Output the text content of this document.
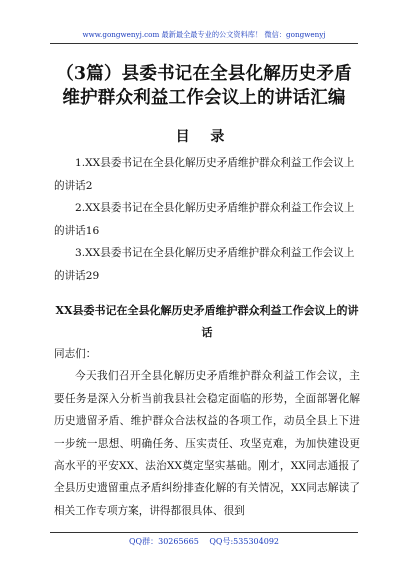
www.gongwenyj.com 最新最全最专业的公文资料库！ 微信：gongwenyj
（3篇）县委书记在全县化解历史矛盾维护群众利益工作会议上的讲话汇编
目 录
1.XX县委书记在全县化解历史矛盾维护群众利益工作会议上的讲话2
2.XX县委书记在全县化解历史矛盾维护群众利益工作会议上的讲话16
3.XX县委书记在全县化解历史矛盾维护群众利益工作会议上的讲话29
XX县委书记在全县化解历史矛盾维护群众利益工作会议上的讲话

同志们：

今天我们召开全县化解历史矛盾维护群众利益工作会议，主要任务是深入分析当前我县社会稳定面临的形势，全面部署化解历史遗留矛盾、维护群众合法权益的各项工作，动员全县上下进一步统一思想、明确任务、压实责任、攻坚克难，为加快建设更高水平的平安XX、法治XX奠定坚实基础。刚才，XX同志通报了全县历史遗留重点矛盾纠纷排查化解的有关情况，XX同志解读了相关工作专项方案，讲得都很具体、很到

QQ群：30265665 QQ号:535304092
